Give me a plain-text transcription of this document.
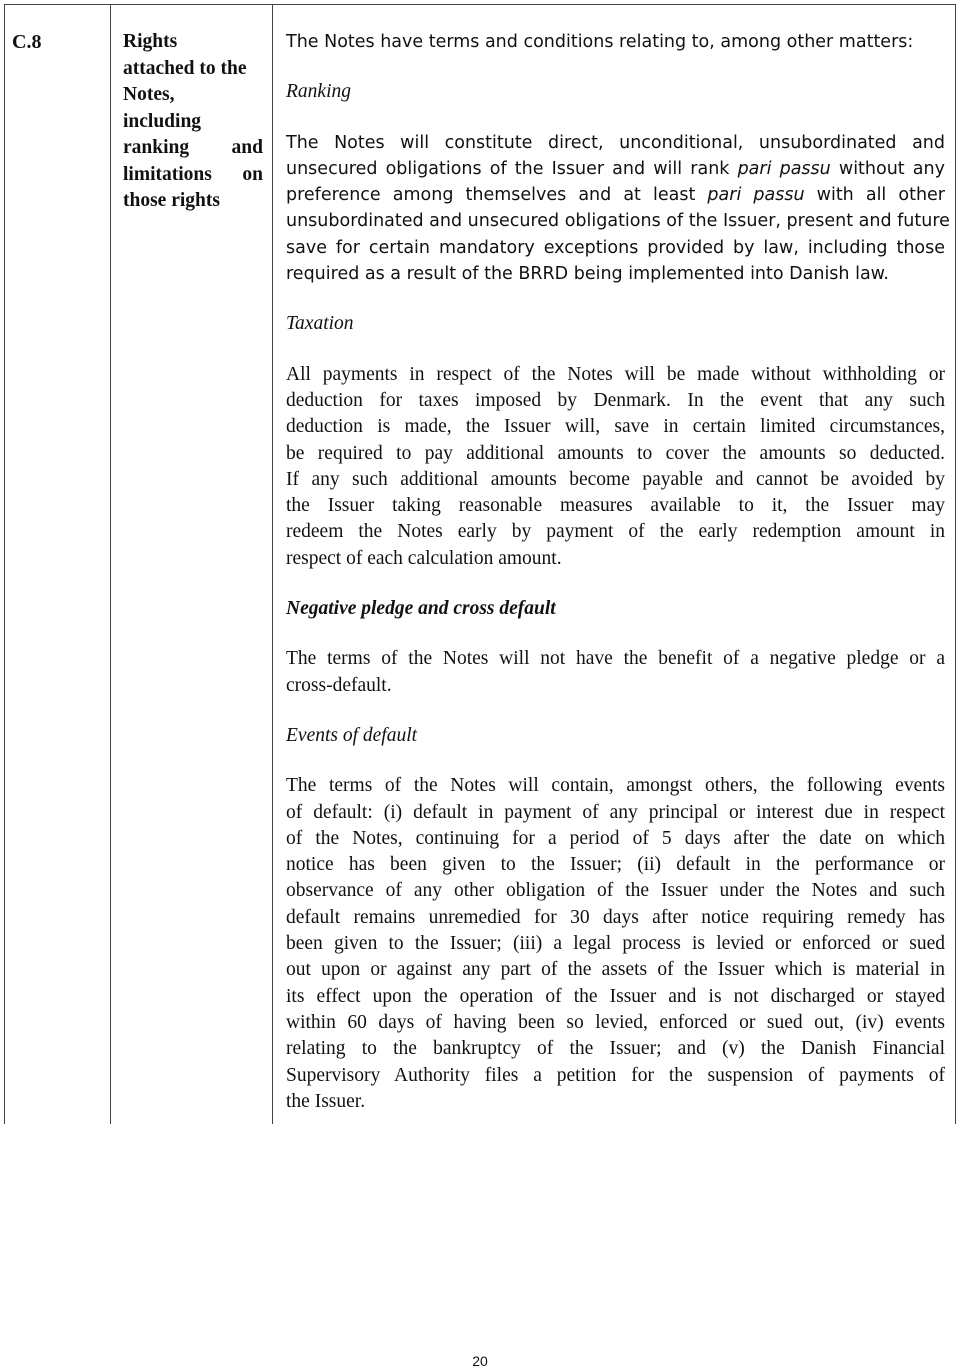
C.8	Rights
attached to the
Notes,
including
ranking and
limitations on
those rights

The Notes have terms and conditions relating to, among other matters:

Ranking

The Notes will constitute direct, unconditional, unsubordinated and
unsecured obligations of the Issuer and will rank pari passu without any
preference among themselves and at least pari passu with all other
unsubordinated and unsecured obligations of the Issuer, present and future
save for certain mandatory exceptions provided by law, including those
required as a result of the BRRD being implemented into Danish law.

Taxation

All payments in respect of the Notes will be made without withholding or
deduction for taxes imposed by Denmark. In the event that any such
deduction is made, the Issuer will, save in certain limited circumstances,
be required to pay additional amounts to cover the amounts so deducted.
If any such additional amounts become payable and cannot be avoided by
the Issuer taking reasonable measures available to it, the Issuer may
redeem the Notes early by payment of the early redemption amount in
respect of each calculation amount.

Negative pledge and cross default

The terms of the Notes will not have the benefit of a negative pledge or a
cross-default.

Events of default

The terms of the Notes will contain, amongst others, the following events
of default: (i) default in payment of any principal or interest due in respect
of the Notes, continuing for a period of 5 days after the date on which
notice has been given to the Issuer; (ii) default in the performance or
observance of any other obligation of the Issuer under the Notes and such
default remains unremedied for 30 days after notice requiring remedy has
been given to the Issuer; (iii) a legal process is levied or enforced or sued
out upon or against any part of the assets of the Issuer which is material in
its effect upon the operation of the Issuer and is not discharged or stayed
within 60 days of having been so levied, enforced or sued out, (iv) events
relating to the bankruptcy of the Issuer; and (v) the Danish Financial
Supervisory Authority files a petition for the suspension of payments of
the Issuer.

20
